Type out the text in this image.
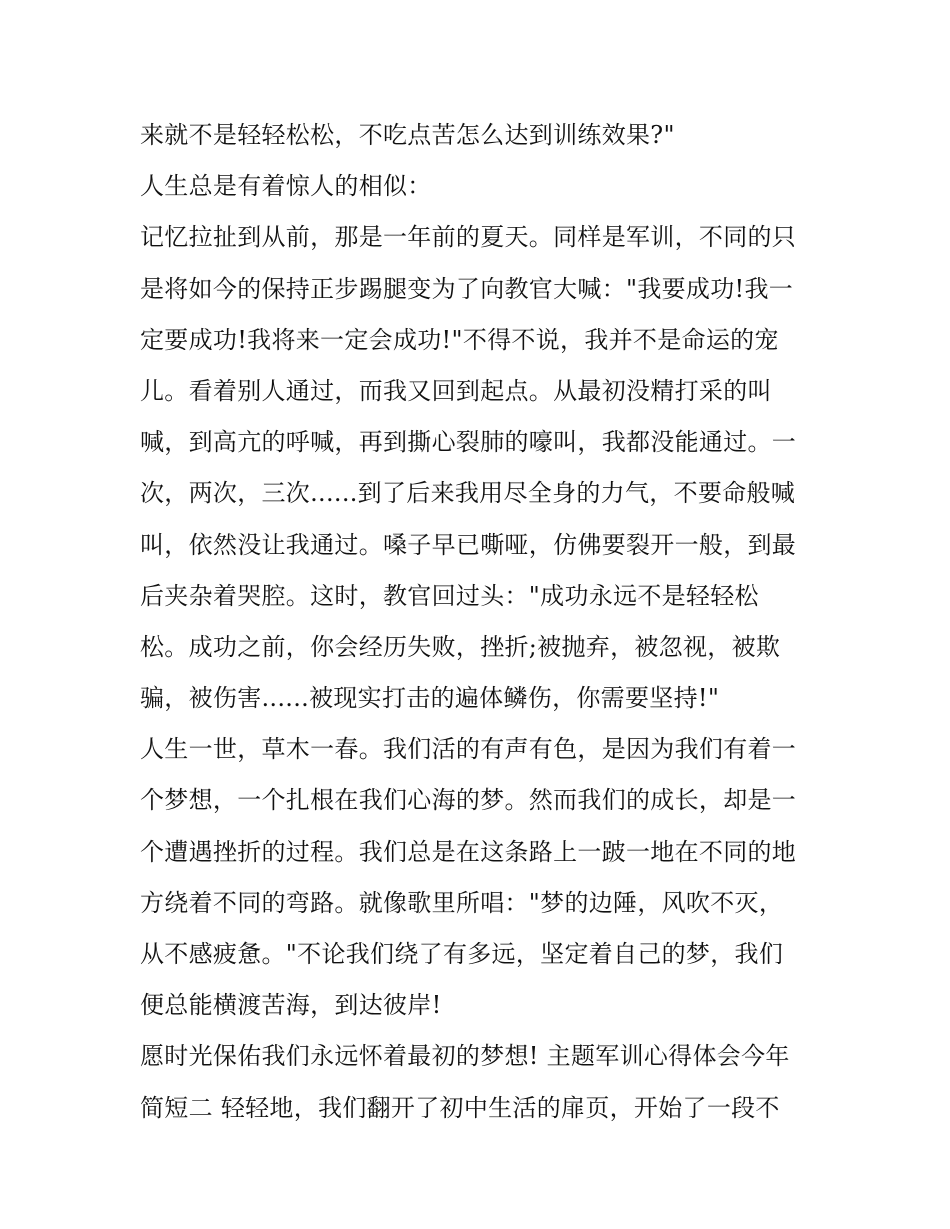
来就不是轻轻松松，不吃点苦怎么达到训练效果?"
人生总是有着惊人的相似：
记忆拉扯到从前，那是一年前的夏天。同样是军训，不同的只
是将如今的保持正步踢腿变为了向教官大喊："我要成功!我一
定要成功!我将来一定会成功!"不得不说，我并不是命运的宠
儿。看着别人通过，而我又回到起点。从最初没精打采的叫
喊，到高亢的呼喊，再到撕心裂肺的嚎叫，我都没能通过。一
次，两次，三次......到了后来我用尽全身的力气，不要命般喊
叫，依然没让我通过。嗓子早已嘶哑，仿佛要裂开一般，到最
后夹杂着哭腔。这时，教官回过头："成功永远不是轻轻松
松。成功之前，你会经历失败，挫折;被抛弃，被忽视，被欺
骗，被伤害......被现实打击的遍体鳞伤，你需要坚持!"
人生一世，草木一春。我们活的有声有色，是因为我们有着一
个梦想，一个扎根在我们心海的梦。然而我们的成长，却是一
个遭遇挫折的过程。我们总是在这条路上一跛一地在不同的地
方绕着不同的弯路。就像歌里所唱："梦的边陲，风吹不灭，
从不感疲惫。"不论我们绕了有多远，坚定着自己的梦，我们
便总能横渡苦海，到达彼岸!
愿时光保佑我们永远怀着最初的梦想! 主题军训心得体会今年
简短二 轻轻地，我们翻开了初中生活的扉页，开始了一段不
